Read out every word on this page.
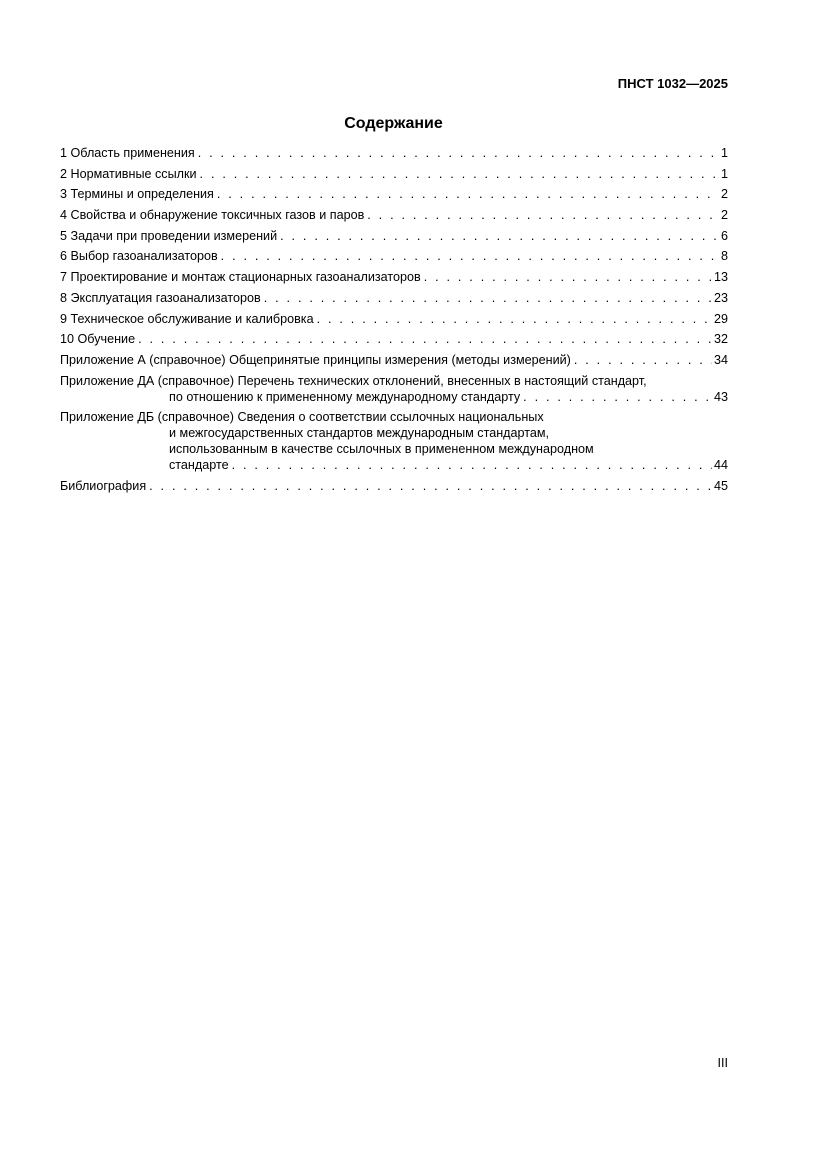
ПНСТ 1032—2025
Содержание
1 Область применения . . .	1
2 Нормативные ссылки . . .	1
3 Термины и определения . . .	2
4 Свойства и обнаружение токсичных газов и паров . . .	2
5 Задачи при проведении измерений . . .	6
6 Выбор газоанализаторов . . .	8
7 Проектирование и монтаж стационарных газоанализаторов . . .	13
8 Эксплуатация газоанализаторов . . .	23
9 Техническое обслуживание и калибровка . . .	29
10 Обучение . . .	32
Приложение А (справочное) Общепринятые принципы измерения (методы измерений) . . .	34
Приложение ДА (справочное) Перечень технических отклонений, внесенных в настоящий стандарт,
по отношению к примененному международному стандарту . . .	43
Приложение ДБ (справочное) Сведения о соответствии ссылочных национальных
и межгосударственных стандартов международным стандартам,
использованным в качестве ссылочных в примененном международном
стандарте . . .	44
Библиография . . .	45
III
